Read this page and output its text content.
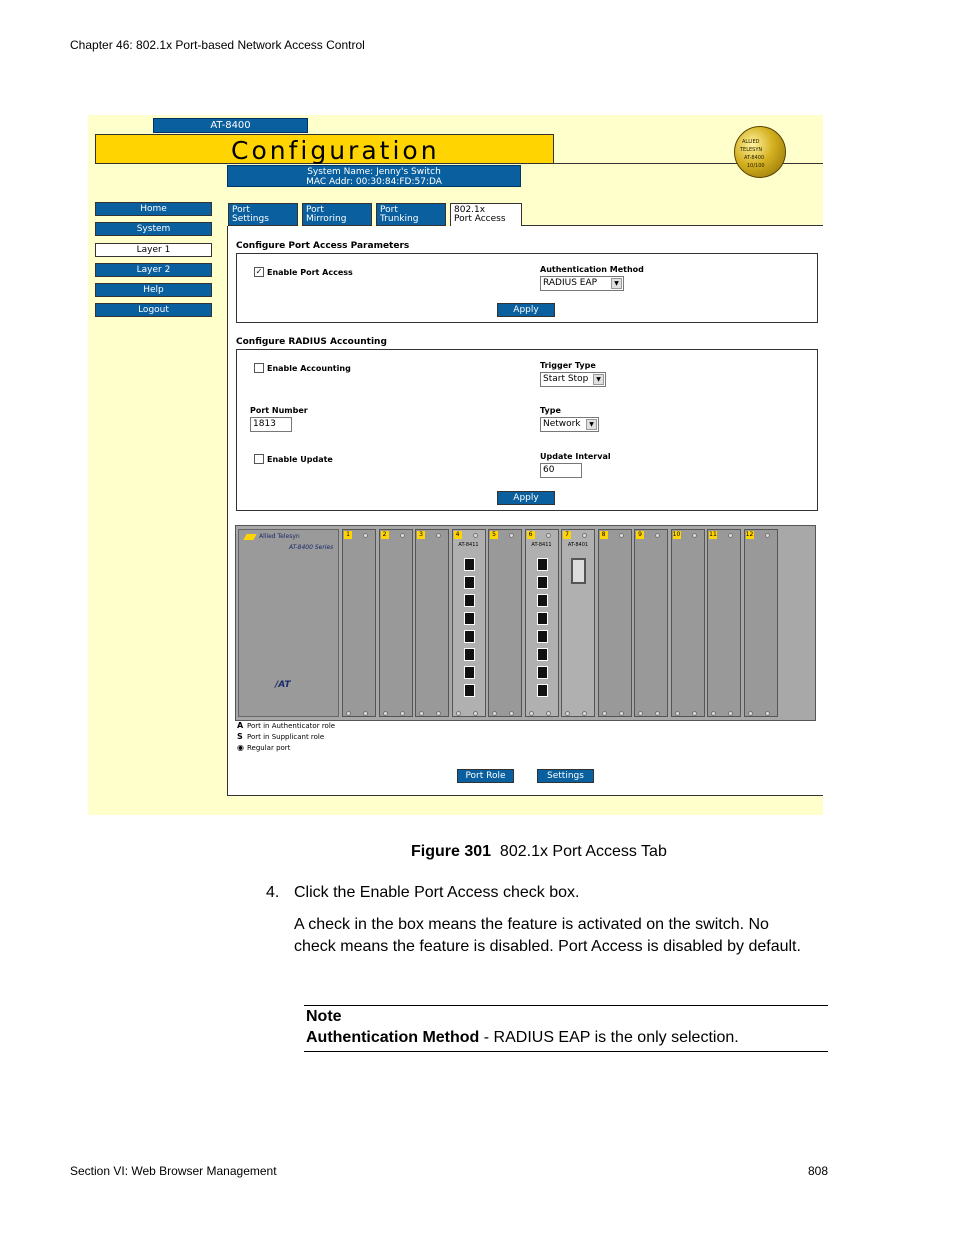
Chapter 46: 802.1x Port-based Network Access Control
AT-8400
Configuration
System Name: Jenny's Switch
MAC Addr: 00:30:84:FD:57:DA
ALLIED
TELESYN
AT-8400
10/100
Home
System
Layer 1
Layer 2
Help
Logout
Port
Settings
Port
Mirroring
Port
Trunking
802.1x
Port Access
Configure Port Access Parameters
✓ Enable Port Access	Authentication Method
RADIUS EAP	▼
Apply
Configure RADIUS Accounting
Enable Accounting	Trigger Type
Start Stop	▼
Port Number
1813
Type
Network	▼
Enable Update	Update Interval
60
Apply
Allied Telesyn
AT-8400 Series
/AT
1	2	3	4
AT-8411
5	6
AT-8411
7
AT-8401
8	9	10	11	12
A Port in Authenticator role
S Port in Supplicant role
◉ Regular port
Port Role	Settings
Figure 301 802.1x Port Access Tab
4. Click the Enable Port Access check box.
A check in the box means the feature is activated on the switch. No check means the feature is disabled. Port Access is disabled by default.
Note
Authentication Method - RADIUS EAP is the only selection.
Section VI: Web Browser Management	808
